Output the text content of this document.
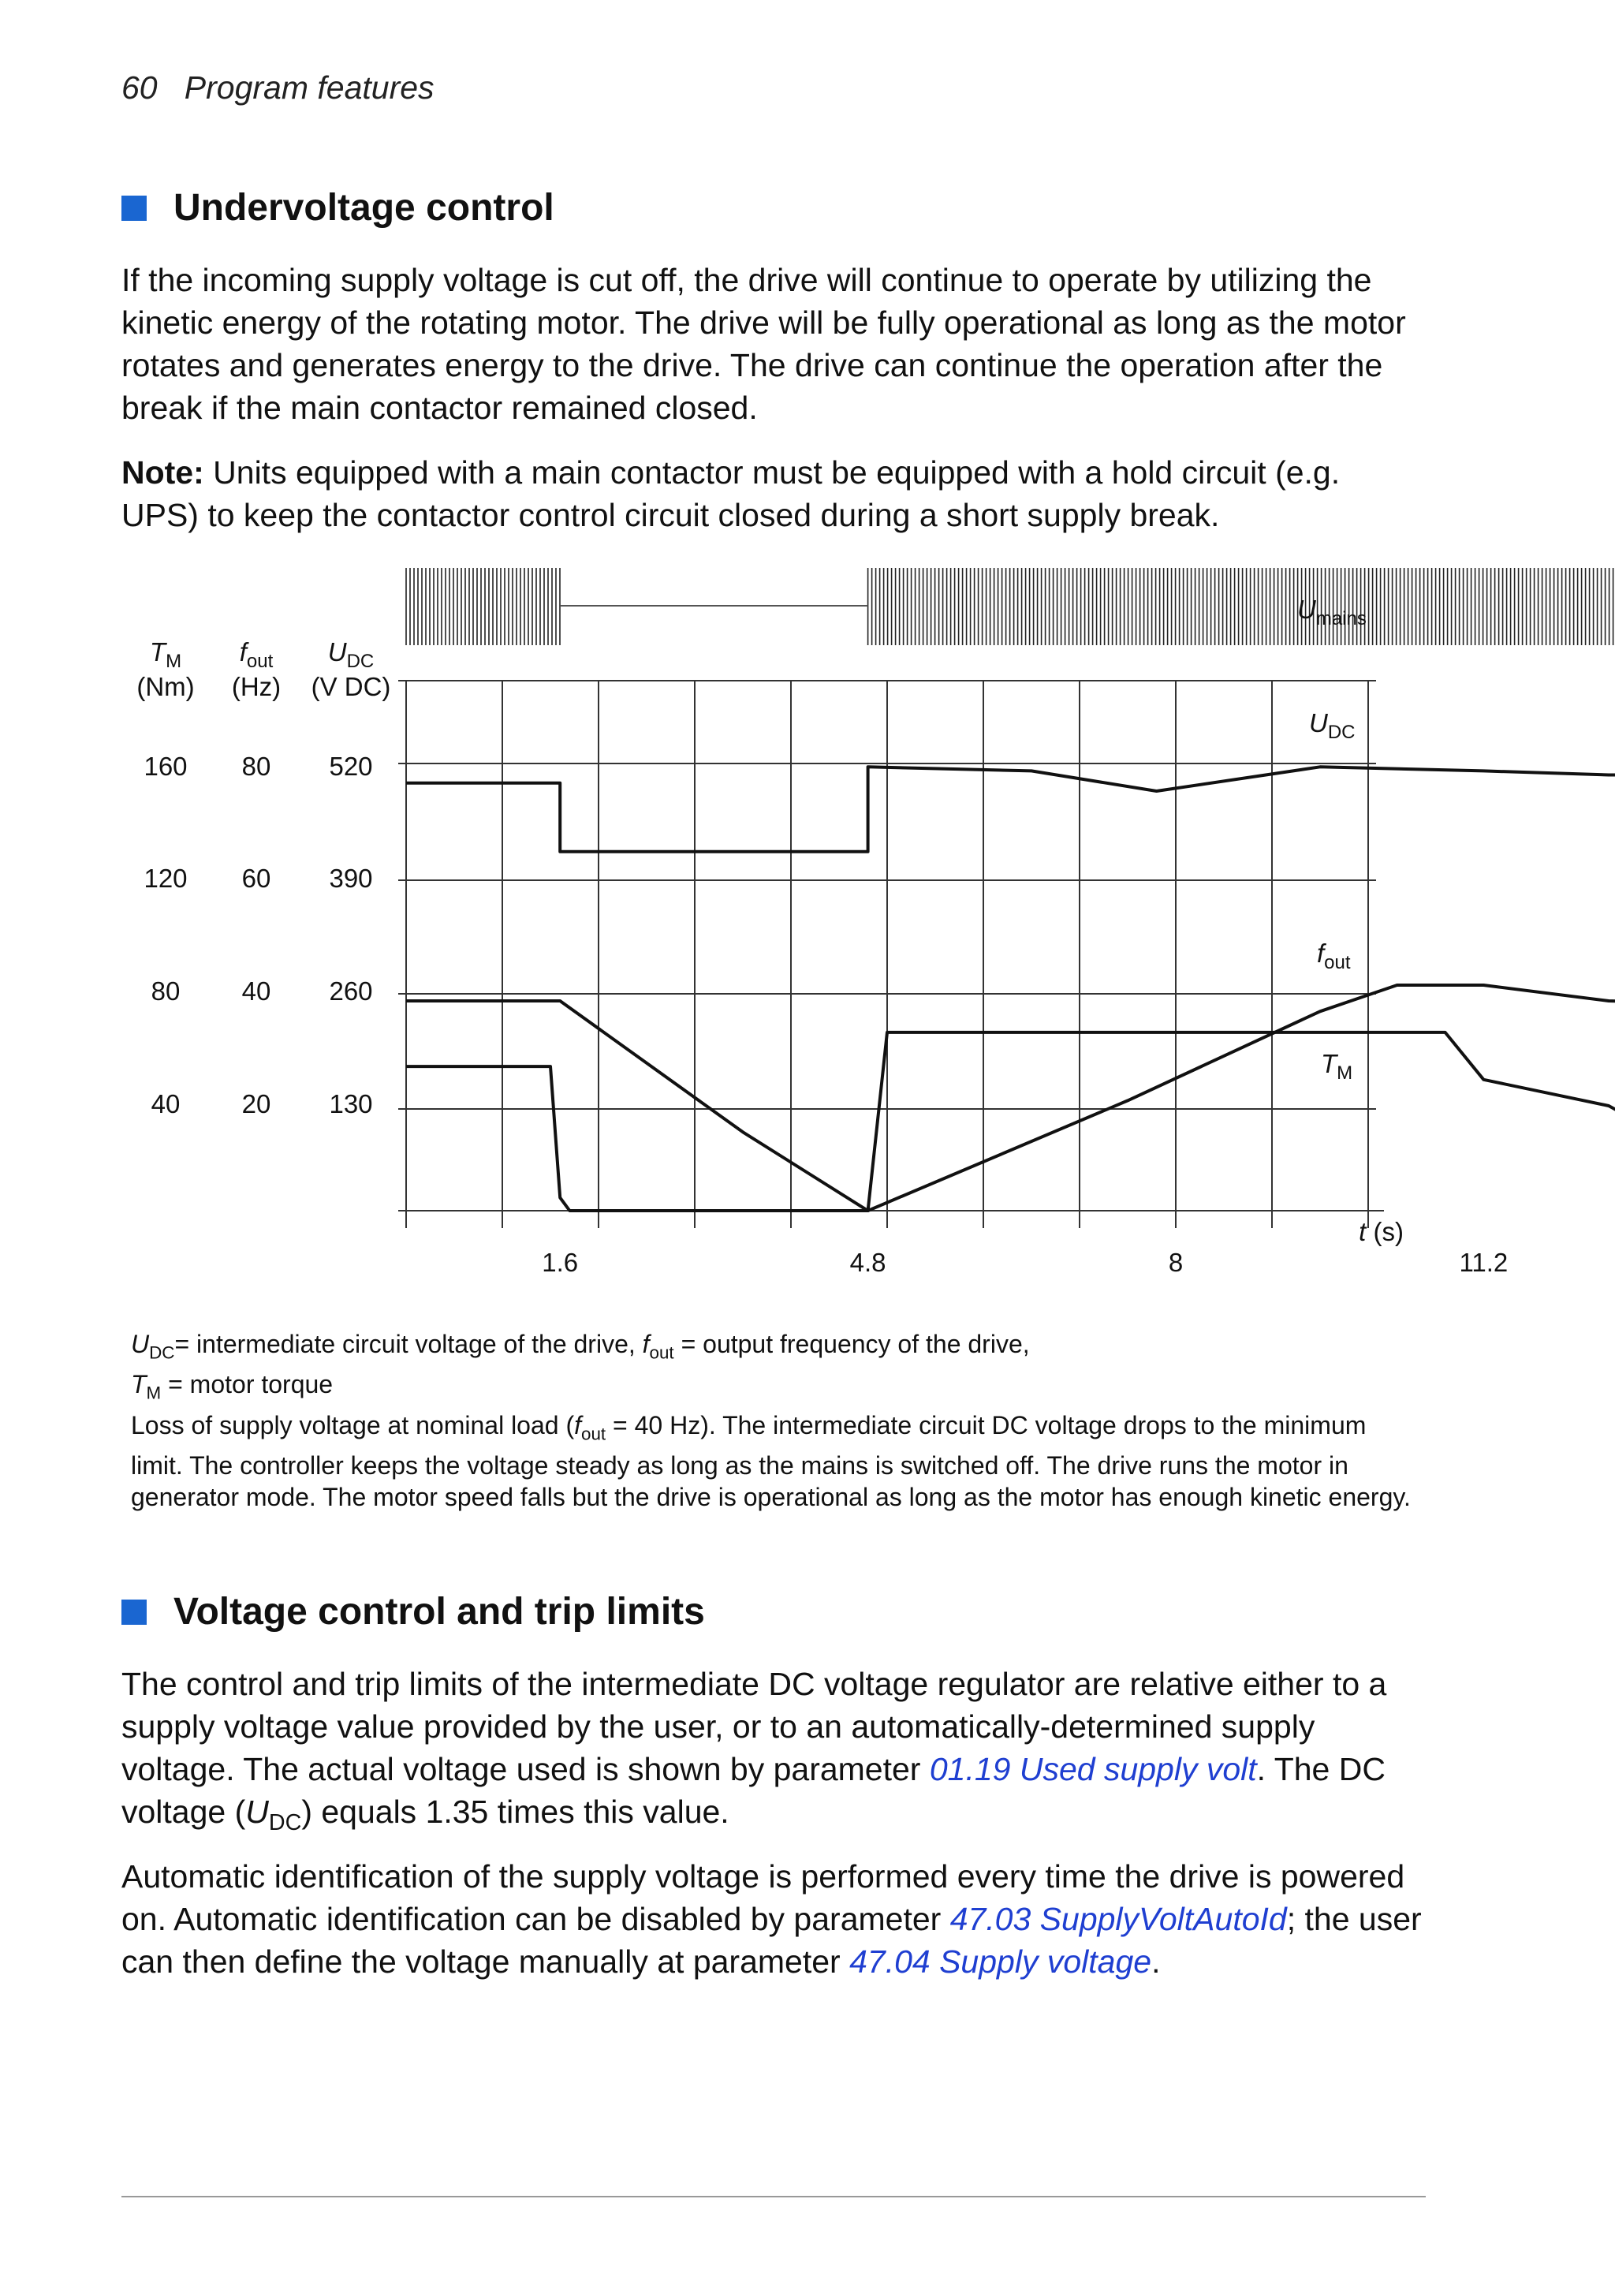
60 Program features
Undervoltage control

If the incoming supply voltage is cut off, the drive will continue to operate by utilizing the kinetic energy of the rotating motor. The drive will be fully operational as long as the motor rotates and generates energy to the drive. The drive can continue the operation after the break if the main contactor remained closed.

Note: Units equipped with a main contactor must be equipped with a hold circuit (e.g. UPS) to keep the contactor control circuit closed during a short supply break.

$T_M$
(Nm)
160
120
80
40
$f_{out}$
(Hz)
80
60
40
20
$U_{DC}$
(V DC)
520
390
260
130
1.6	4.8	8	11.2
t (s)
$U_{mains}$
$U_{DC}$
$f_{out}$
$T_M$

$U_{DC}=$ intermediate circuit voltage of the drive, $f_{out}$ = output frequency of the drive,

$T_M$ = motor torque

Loss of supply voltage at nominal load ($f_{out} = 40$ Hz). The intermediate circuit DC voltage drops to the minimum limit. The controller keeps the voltage steady as long as the mains is switched off. The drive runs the motor in generator mode. The motor speed falls but the drive is operational as long as the motor has enough kinetic energy.

Voltage control and trip limits

The control and trip limits of the intermediate DC voltage regulator are relative either to a supply voltage value provided by the user, or to an automatically-determined supply voltage. The actual voltage used is shown by parameter 01.19 Used supply volt. The DC voltage $(U_{DC})$ equals 1.35 times this value.

Automatic identification of the supply voltage is performed every time the drive is powered on. Automatic identification can be disabled by parameter 47.03 SupplyVoltAutoId; the user can then define the voltage manually at parameter 47.04 Supply voltage.
